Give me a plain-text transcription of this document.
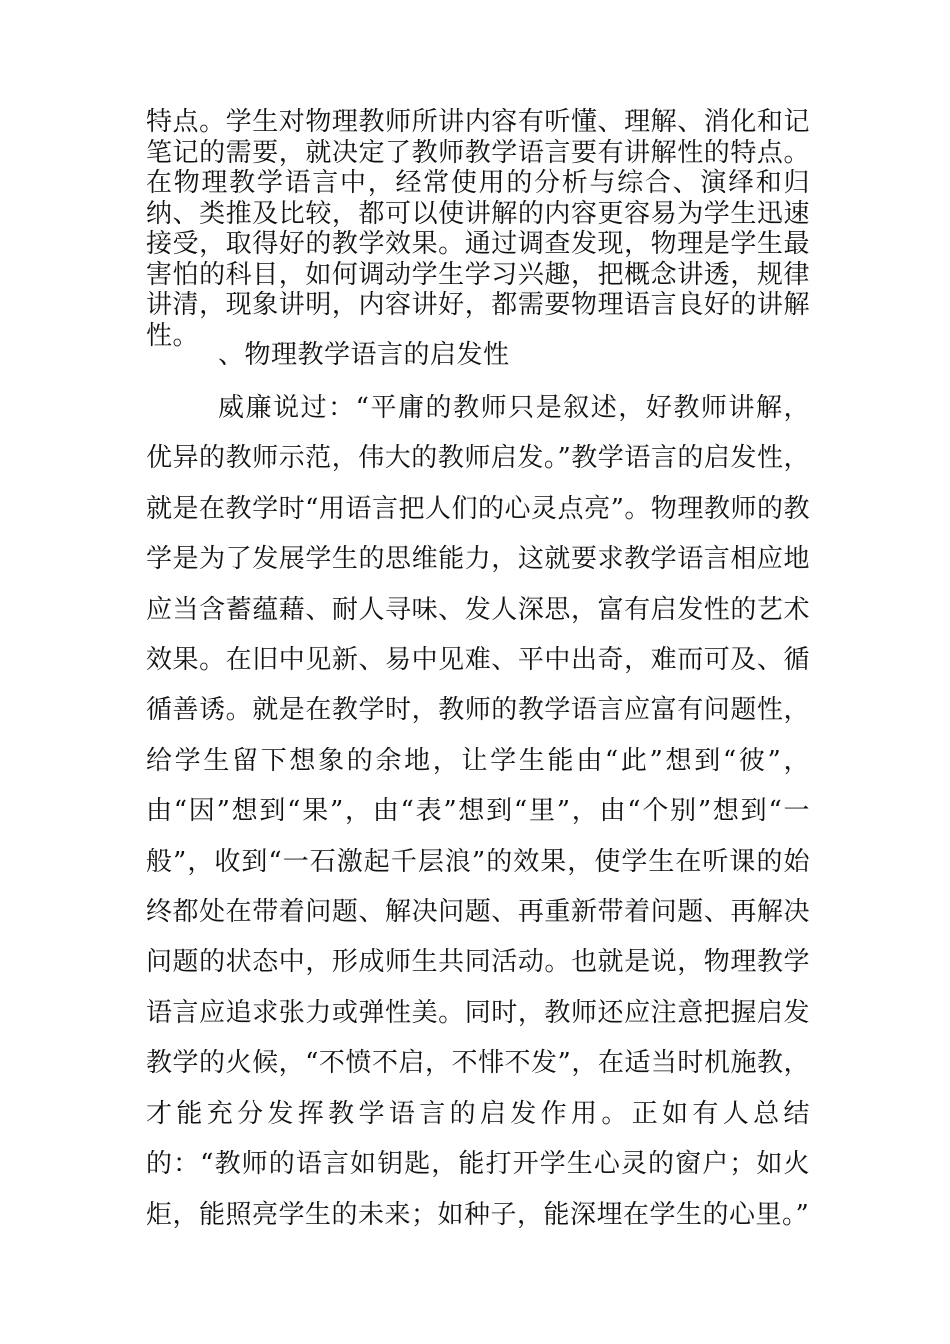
特点。学生对物理教师所讲内容有听懂、理解、消化和记笔记的需要，就决定了教师教学语言要有讲解性的特点。在物理教学语言中，经常使用的分析与综合、演绎和归纳、类推及比较，都可以使讲解的内容更容易为学生迅速接受，取得好的教学效果。通过调查发现，物理是学生最害怕的科目，如何调动学生学习兴趣，把概念讲透，规律讲清，现象讲明，内容讲好，都需要物理语言良好的讲解性。

、物理教学语言的启发性

威廉说过：“平庸的教师只是叙述，好教师讲解，优异的教师示范，伟大的教师启发。”教学语言的启发性，就是在教学时“用语言把人们的心灵点亮”。物理教师的教学是为了发展学生的思维能力，这就要求教学语言相应地应当含蓄蕴藉、耐人寻味、发人深思，富有启发性的艺术效果。在旧中见新、易中见难、平中出奇，难而可及、循循善诱。就是在教学时，教师的教学语言应富有问题性，给学生留下想象的余地，让学生能由“此”想到“彼”，由“因”想到“果”，由“表”想到“里”，由“个别”想到“一般”，收到“一石激起千层浪”的效果，使学生在听课的始终都处在带着问题、解决问题、再重新带着问题、再解决问题的状态中，形成师生共同活动。也就是说，物理教学语言应追求张力或弹性美。同时，教师还应注意把握启发教学的火候，“不愤不启，不悱不发”，在适当时机施教，才能充分发挥教学语言的启发作用。正如有人总结的：“教师的语言如钥匙，能打开学生心灵的窗户；如火炬，能照亮学生的未来；如种子，能深埋在学生的心里。”
